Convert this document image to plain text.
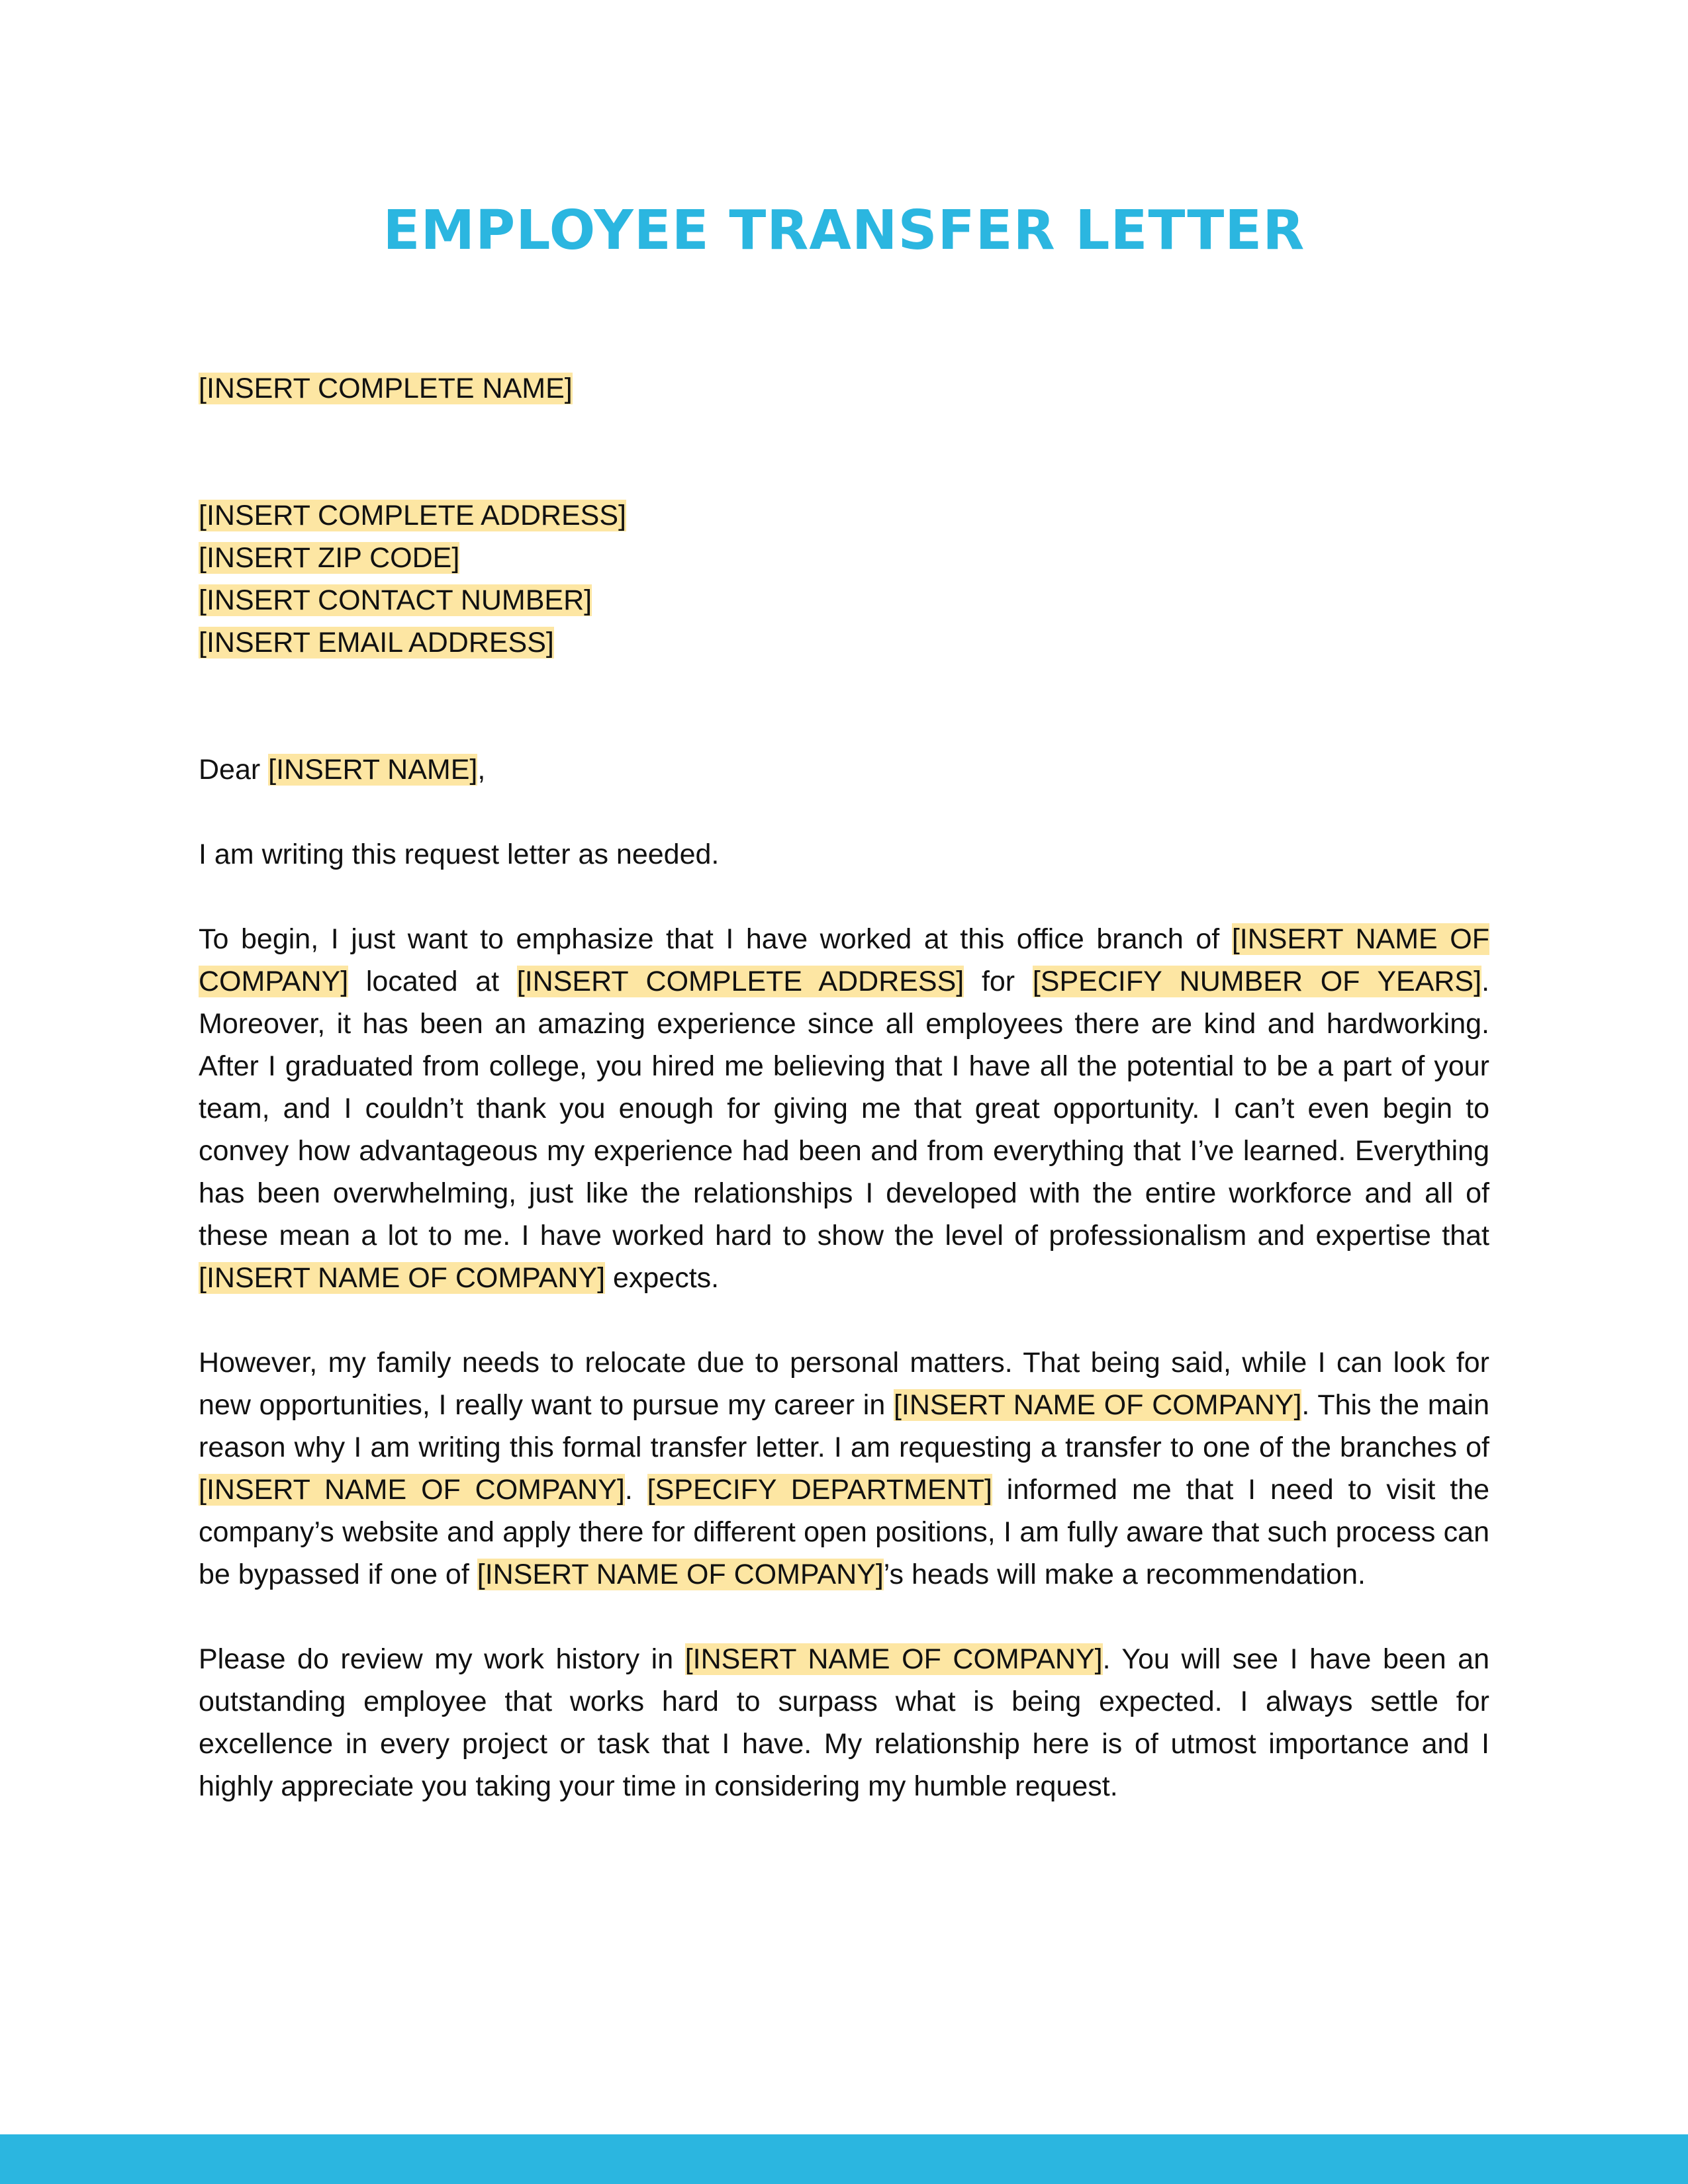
EMPLOYEE TRANSFER LETTER
[INSERT COMPLETE NAME]
[INSERT COMPLETE ADDRESS]
[INSERT ZIP CODE]
[INSERT CONTACT NUMBER]
[INSERT EMAIL ADDRESS]
Dear [INSERT NAME],

I am writing this request letter as needed.

To begin, I just want to emphasize that I have worked at this office branch of [INSERT NAME OF COMPANY] located at [INSERT COMPLETE ADDRESS] for [SPECIFY NUMBER OF YEARS]. Moreover, it has been an amazing experience since all employees there are kind and hardworking. After I graduated from college, you hired me believing that I have all the potential to be a part of your team, and I couldn’t thank you enough for giving me that great opportunity. I can’t even begin to convey how advantageous my experience had been and from everything that I’ve learned. Everything has been overwhelming, just like the relationships I developed with the entire workforce and all of these mean a lot to me. I have worked hard to show the level of professionalism and expertise that [INSERT NAME OF COMPANY] expects.

However, my family needs to relocate due to personal matters. That being said, while I can look for new opportunities, I really want to pursue my career in [INSERT NAME OF COMPANY]. This the main reason why I am writing this formal transfer letter. I am requesting a transfer to one of the branches of [INSERT NAME OF COMPANY]. [SPECIFY DEPARTMENT] informed me that I need to visit the company’s website and apply there for different open positions, I am fully aware that such process can be bypassed if one of [INSERT NAME OF COMPANY]’s heads will make a recommendation.

Please do review my work history in [INSERT NAME OF COMPANY]. You will see I have been an outstanding employee that works hard to surpass what is being expected. I always settle for excellence in every project or task that I have. My relationship here is of utmost importance and I highly appreciate you taking your time in considering my humble request.
